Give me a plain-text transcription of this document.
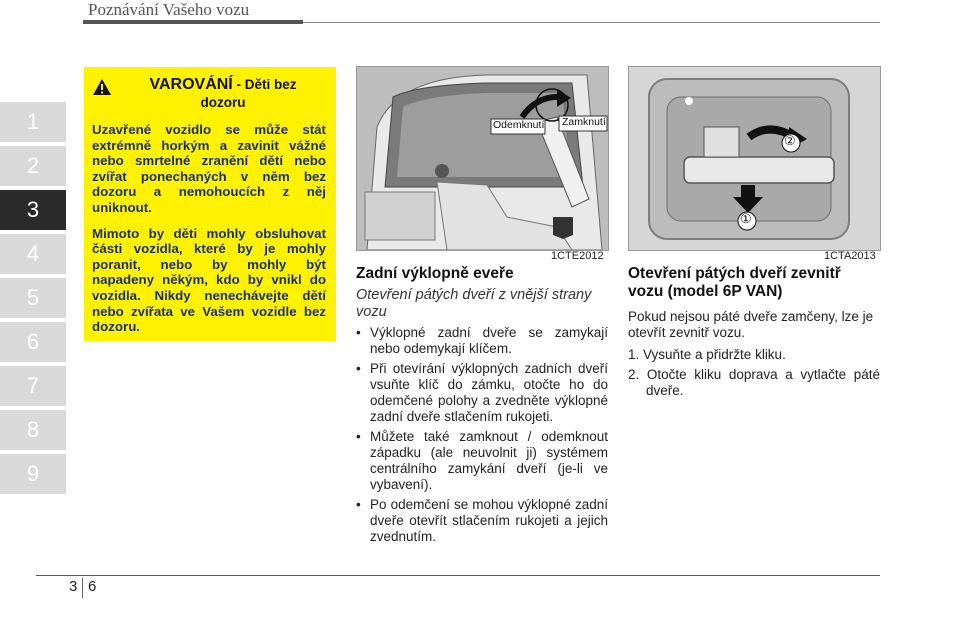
Poznávání Vašeho vozu
1
2
3
4
5
6
7
8
9
VAROVÁNÍ - Děti bez
dozoru

Uzavřené vozidlo se může stát extrémně horkým a zavinit vážné nebo smrtelné zranění dětí nebo zvířat ponechaných v něm bez dozoru a nemohoucích z něj uniknout.

Mimoto by děti mohly obsluhovat části vozidla, které by je mohly poranit, nebo by mohly být napadeny někým, kdo by vnikl do vozidla. Nikdy nenechávejte dětí nebo zvířata ve Vašem vozidle bez dozoru.

Odemknutí Zamknutí
1CTE2012
①
②
1CTA2013
Zadní výklopně eveře

Otevření pátých dveří z vnější strany vozu

• Výklopné zadní dveře se zamykají nebo odemykají klíčem.
• Při otevírání výklopných zadních dveří vsuňte klíč do zámku, otočte ho do odemčené polohy a zvedněte výklopné zadní dveře stlačením rukojeti.
• Můžete také zamknout / odemknout západku (ale neuvolnit ji) systémem centrálního zamykání dveří (je-li ve vybavení).
• Po odemčení se mohou výklopné zadní dveře otevřít stlačením rukojeti a jejich zvednutím.
Otevření pátých dveří zevnitř vozu (model 6P VAN)

Pokud nejsou páté dveře zamčeny, lze je otevřít zevnitř vozu.

1. Vysuňte a přidržte kliku.
2. Otočte kliku doprava a vytlačte páté dveře.
3 6
